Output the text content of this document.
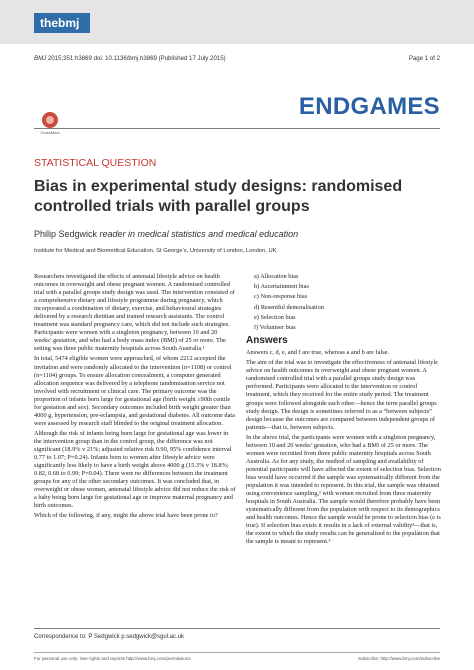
thebmj
BMJ 2015;351:h3869 doi: 10.1136/bmj.h3869 (Published 17 July 2015)	Page 1 of 2
CrossMark
ENDGAMES
STATISTICAL QUESTION
Bias in experimental study designs: randomised controlled trials with parallel groups
Philip Sedgwick reader in medical statistics and medical education
Institute for Medical and Biomedical Education, St George’s, University of London, London, UK

Researchers investigated the effects of antenatal lifestyle advice on health outcomes in overweight and obese pregnant women. A randomised controlled trial with a parallel groups study design was used. The intervention consisted of a comprehensive dietary and lifestyle programme during pregnancy, which incorporated a combination of dietary, exercise, and behavioural strategies delivered by a research dietitian and trained research assistants. The control treatment was standard pregnancy care, which did not include such strategies. Participants were women with a singleton pregnancy, between 10 and 20 weeks’ gestation, and who had a body mass index (BMI) of 25 or more. The setting was three public maternity hospitals across South Australia.¹

In total, 5474 eligible women were approached, of whom 2212 accepted the invitation and were randomly allocated to the intervention (n=1108) or control (n=1104) groups. To ensure allocation concealment, a computer generated allocation sequence was delivered by a telephone randomisation service not involved with recruitment or clinical care. The primary outcome was the proportion of infants born large for gestational age (birth weight ≥90th centile for gestation and sex). Secondary outcomes included birth weight greater than 4000 g, hypertension, pre-eclampsia, and gestational diabetes. All outcome data were assessed by research staff blinded to the original treatment allocation.

Although the risk of infants being born large for gestational age was lower in the intervention group than in the control group, the difference was not significant (18.9% v 21%; adjusted relative risk 0.90, 95% confidence interval 0.77 to 1.07; P=0.24). Infants born to women after lifestyle advice were significantly less likely to have a birth weight above 4000 g (15.3% v 18.8%; 0.82, 0.68 to 0.99; P=0.04). There were no differences between the treatment groups for any of the other secondary outcomes. It was concluded that, in overweight or obese women, antenatal lifestyle advice did not reduce the risk of a baby being born large for gestational age or improve maternal pregnancy and birth outcomes.

Which of the following, if any, might the above trial have been prone to?

a) Allocation bias
b) Ascertainment bias
c) Non-response bias
d) Resentful demoralisation
e) Selection bias
f) Volunteer bias
Answers

Answers c, d, e, and f are true, whereas a and b are false.

The aim of the trial was to investigate the effectiveness of antenatal lifestyle advice on health outcomes in overweight and obese pregnant women. A randomised controlled trial with a parallel groups study design was performed. Participants were allocated to the intervention or control treatment, which they received for the entire study period. The treatment groups were followed alongside each other—hence the term parallel groups study design. The design is sometimes referred to as a “between subjects” design because the outcomes are compared between independent groups of patients—that is, between subjects.

In the above trial, the participants were women with a singleton pregnancy, between 10 and 20 weeks’ gestation, who had a BMI of 25 or more. The women were recruited from three public maternity hospitals across South Australia. As for any study, the method of sampling and availability of potential participants will have affected the extent of selection bias. Selection bias would have occurred if the sample was systematically different from the population it was intended to represent. In this trial, the sample was obtained using convenience sampling,² with women recruited from three maternity hospitals in South Australia. The sample would therefore probably have been systematically different from the population with respect to its demographics and health outcomes. Hence the sample would be prone to selection bias (e is true). If selection bias exists it results in a lack of external validity³—that is, the extent to which the study results can be generalised to the population that the sample is meant to represent.³

Correspondence to: P Sedgwick p.sedgwick@sgul.ac.uk
For personal use only: See rights and reprints http://www.bmj.com/permissions	Subscribe: http://www.bmj.com/subscribe
